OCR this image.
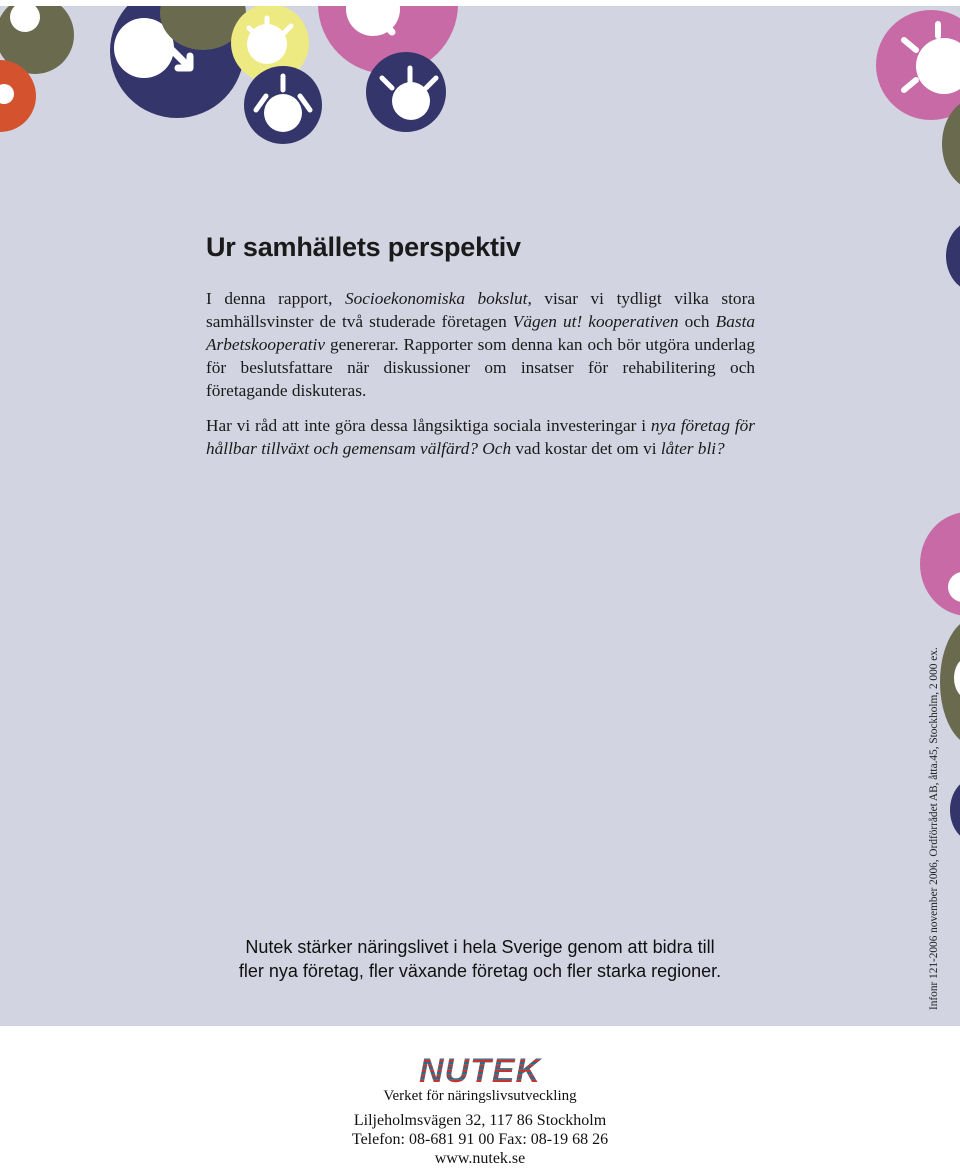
Ur samhällets perspektiv

I denna rapport, Socioekonomiska bokslut, visar vi tydligt vilka stora samhällsvinster de två studerade företagen Vägen ut! kooperativen och Basta Arbetskooperativ genererar. Rapporter som denna kan och bör utgöra underlag för beslutsfattare när diskussioner om insatser för rehabilitering och företagande diskuteras.

Har vi råd att inte göra dessa långsiktiga sociala investeringar i nya företag för hållbar tillväxt och gemensam välfärd? Och vad kostar det om vi låter bli?

Nutek stärker näringslivet i hela Sverige genom att bidra till
fler nya företag, fler växande företag och fler starka regioner.	Infonr 121-2006 november 2006, Ordförrådet AB, åtta.45, Stockholm, 2 000 ex.
NUTEK

Verket för näringslivsutveckling

Liljeholmsvägen 32, 117 86 Stockholm

Telefon: 08-681 91 00 Fax: 08-19 68 26

www.nutek.se
